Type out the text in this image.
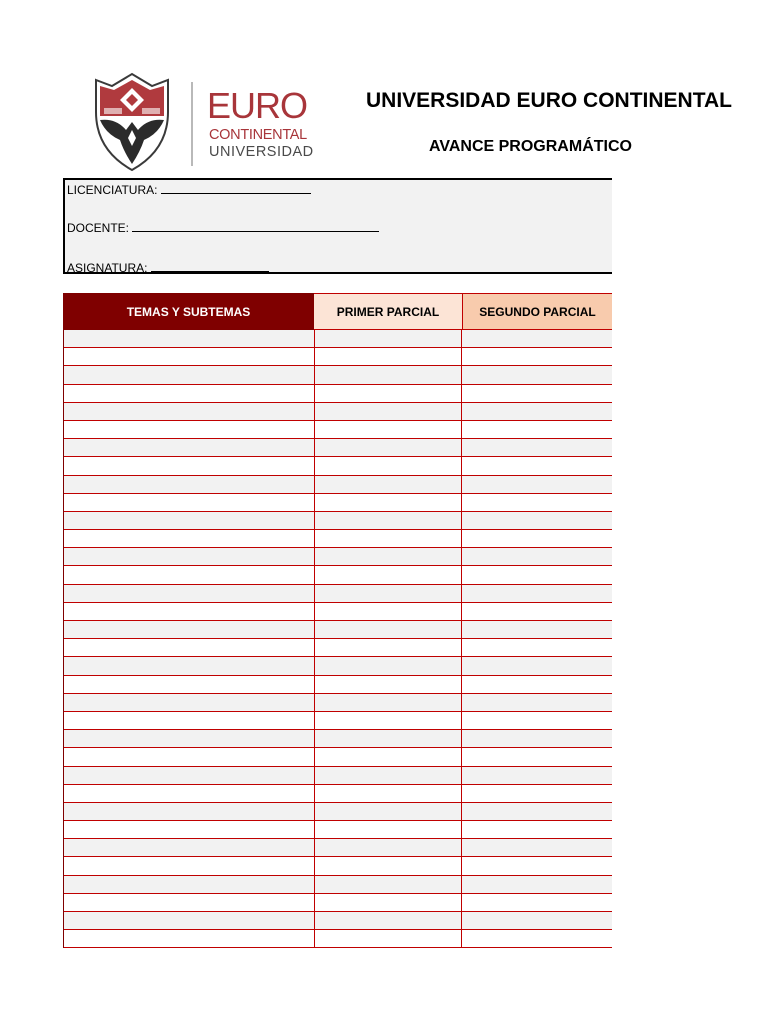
EURO
CONTINENTAL
UNIVERSIDAD
UNIVERSIDAD EURO CONTINENTAL
AVANCE PROGRAMÁTICO
LICENCIATURA:
DOCENTE:
ASIGNATURA:
TEMAS Y SUBTEMAS	PRIMER PARCIAL	SEGUNDO PARCIAL
